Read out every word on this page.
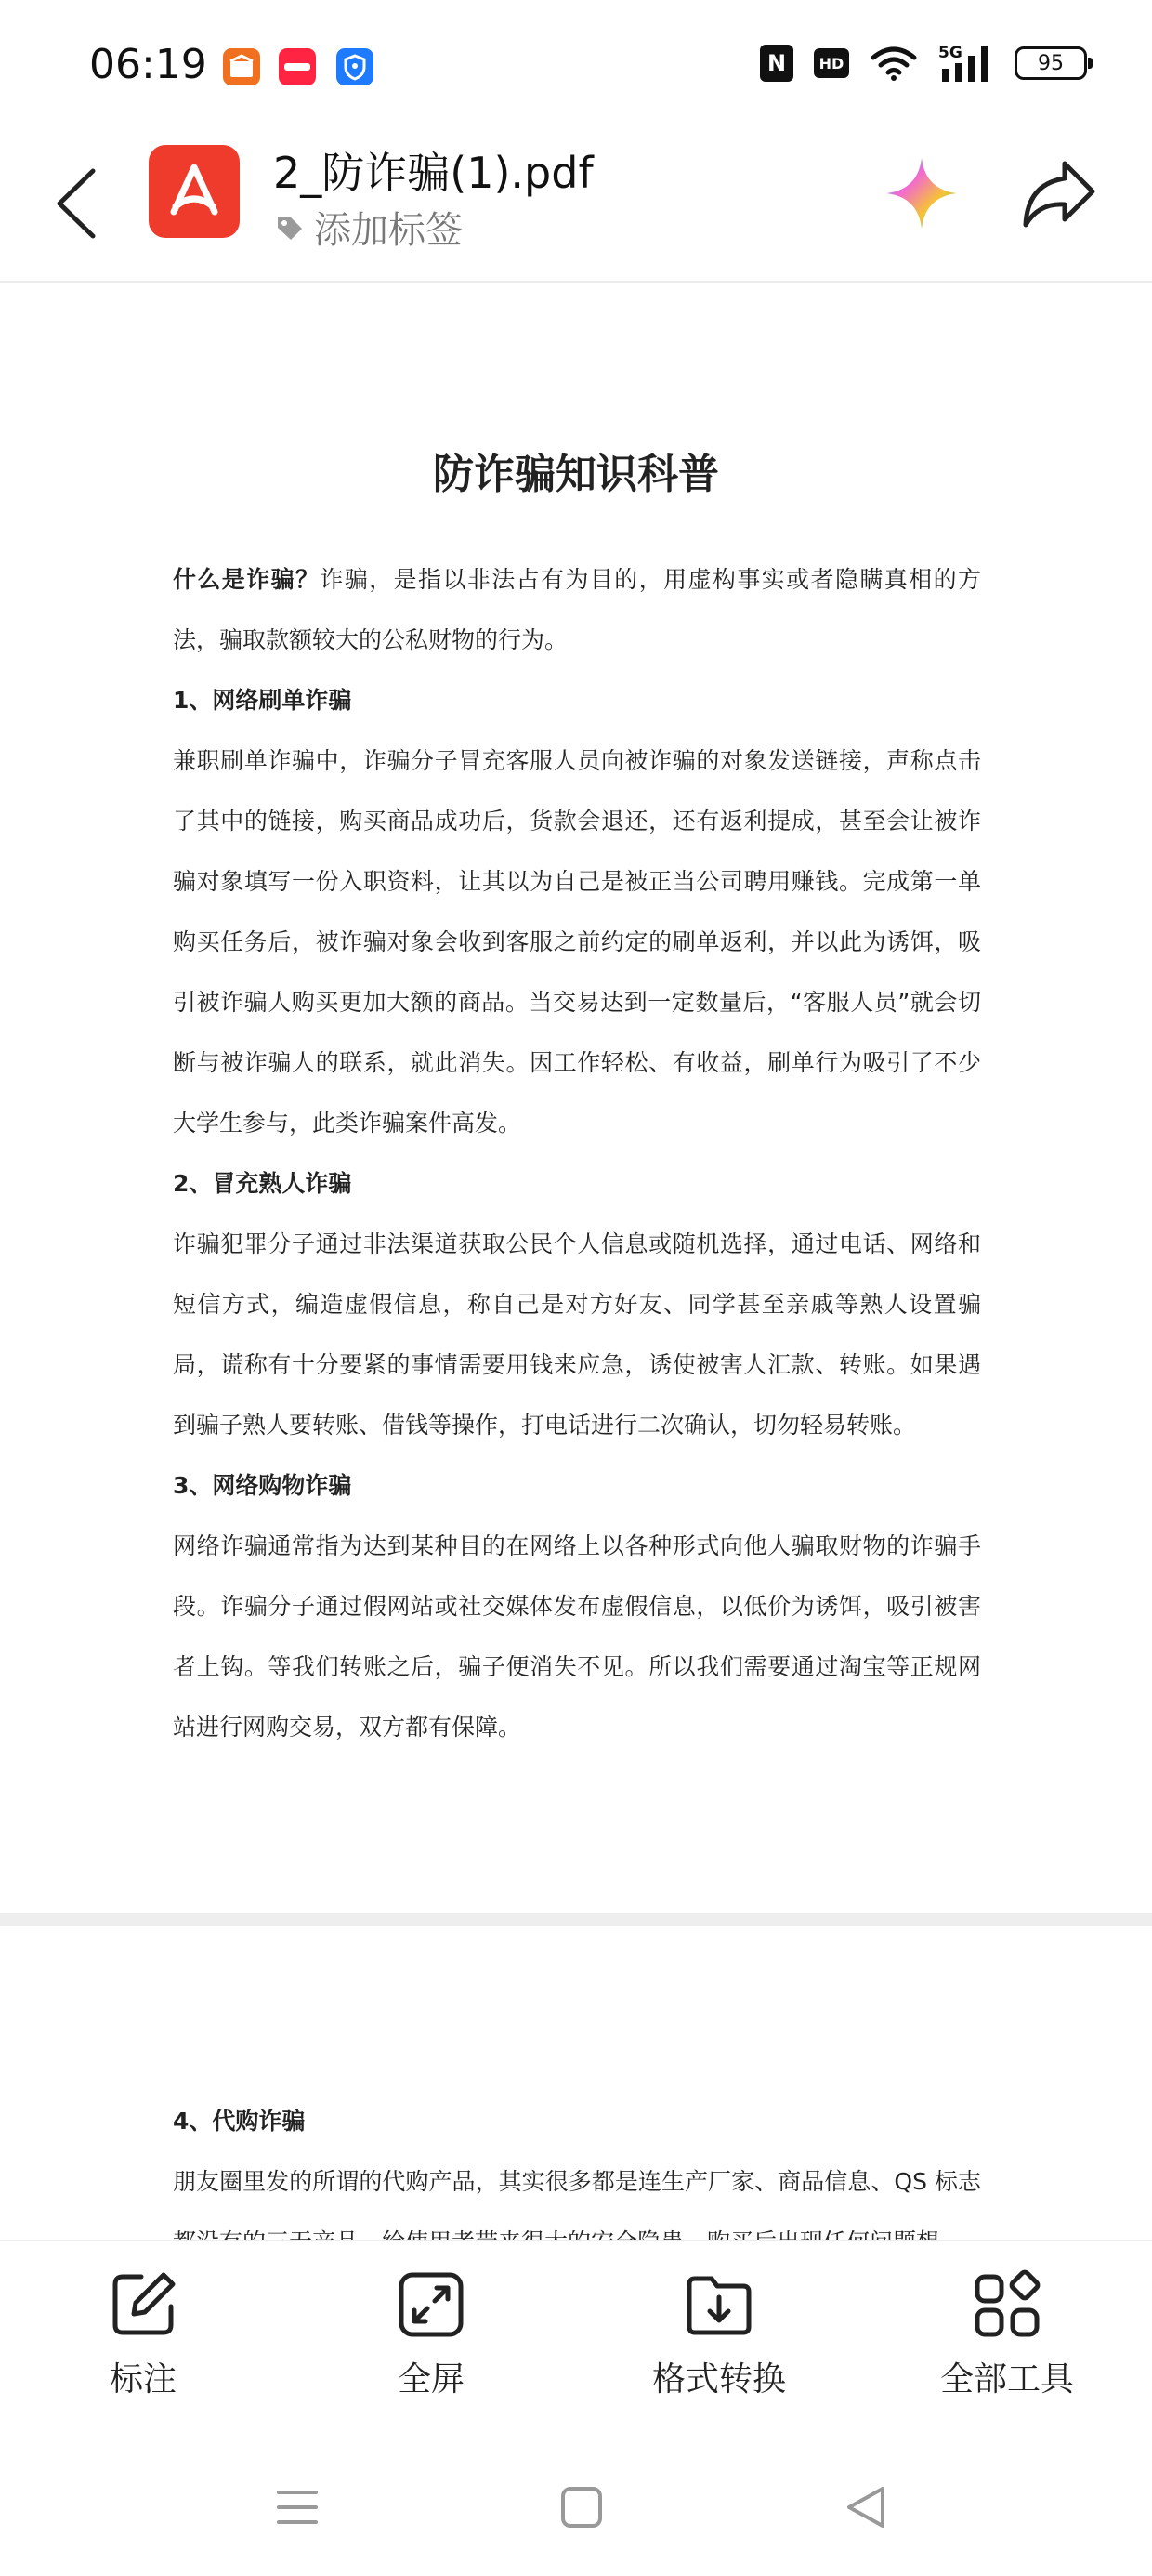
06:19	N	HD
5G	95
2_防诈骗(1).pdf
添加标签
防诈骗知识科普
什么是诈骗？诈骗，是指以非法占有为目的，用虚构事实或者隐瞒真相的方法，骗取款额较大的公私财物的行为。
1、网络刷单诈骗
兼职刷单诈骗中，诈骗分子冒充客服人员向被诈骗的对象发送链接，声称点击了其中的链接，购买商品成功后，货款会退还，还有返利提成，甚至会让被诈骗对象填写一份入职资料，让其以为自己是被正当公司聘用赚钱。完成第一单购买任务后，被诈骗对象会收到客服之前约定的刷单返利，并以此为诱饵，吸引被诈骗人购买更加大额的商品。当交易达到一定数量后，“客服人员”就会切断与被诈骗人的联系，就此消失。因工作轻松、有收益，刷单行为吸引了不少大学生参与，此类诈骗案件高发。
2、冒充熟人诈骗
诈骗犯罪分子通过非法渠道获取公民个人信息或随机选择，通过电话、网络和短信方式，编造虚假信息，称自己是对方好友、同学甚至亲戚等熟人设置骗局，谎称有十分要紧的事情需要用钱来应急，诱使被害人汇款、转账。如果遇到骗子熟人要转账、借钱等操作，打电话进行二次确认，切勿轻易转账。
3、网络购物诈骗
网络诈骗通常指为达到某种目的在网络上以各种形式向他人骗取财物的诈骗手段。诈骗分子通过假网站或社交媒体发布虚假信息，以低价为诱饵，吸引被害者上钩。等我们转账之后，骗子便消失不见。所以我们需要通过淘宝等正规网站进行网购交易，双方都有保障。
4、代购诈骗
朋友圈里发的所谓的代购产品，其实很多都是连生产厂家、商品信息、QS 标志
标注	全屏	格式转换	全部工具
